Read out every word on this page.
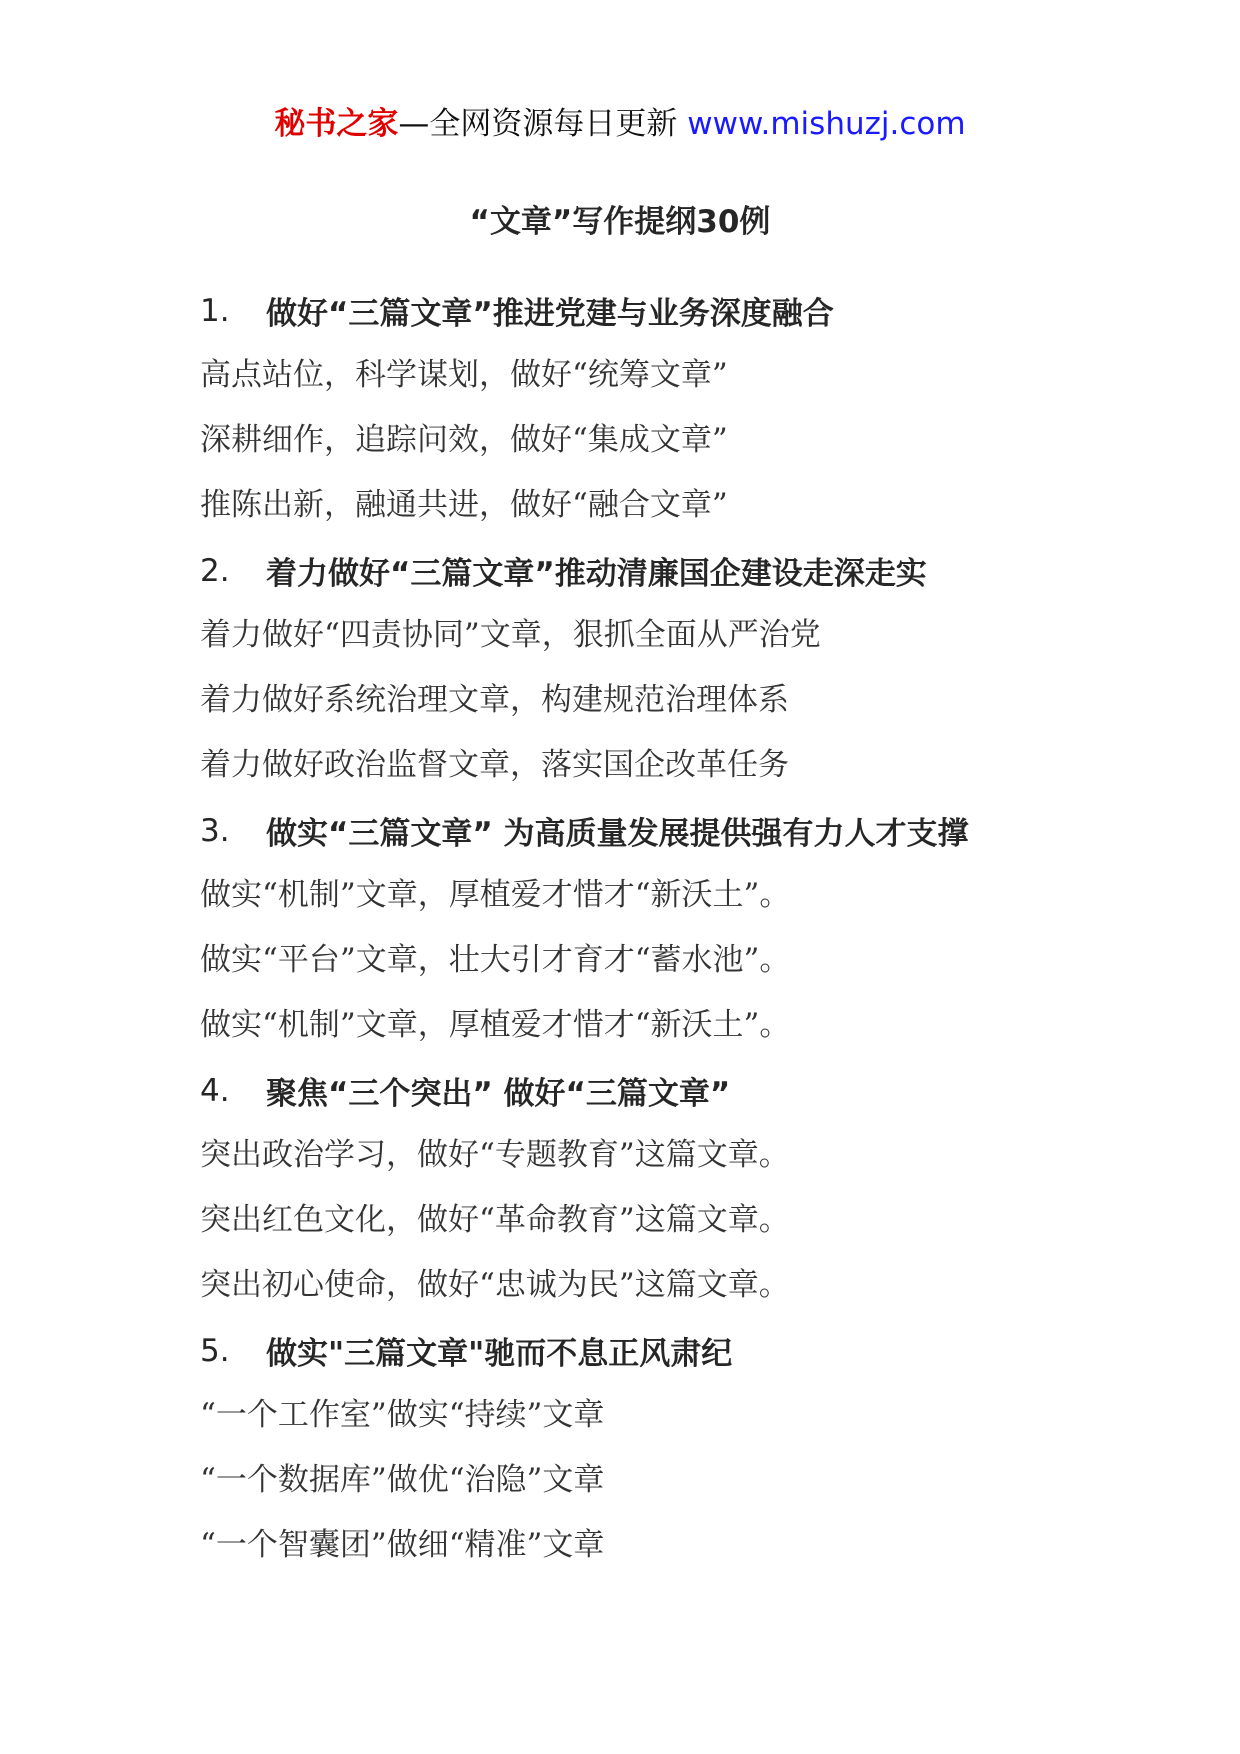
秘书之家—全网资源每日更新 www.mishuzj.com
“文章”写作提纲30例
1.	做好“三篇文章”推进党建与业务深度融合
高点站位，科学谋划，做好“统筹文章”
深耕细作，追踪问效，做好“集成文章”
推陈出新，融通共进，做好“融合文章”
2.	着力做好“三篇文章”推动清廉国企建设走深走实
着力做好“四责协同”文章，狠抓全面从严治党
着力做好系统治理文章，构建规范治理体系
着力做好政治监督文章，落实国企改革任务
3.	做实“三篇文章” 为高质量发展提供强有力人才支撑
做实“机制”文章，厚植爱才惜才“新沃土”。
做实“平台”文章，壮大引才育才“蓄水池”。
做实“机制”文章，厚植爱才惜才“新沃土”。
4.	聚焦“三个突出” 做好“三篇文章”
突出政治学习，做好“专题教育”这篇文章。
突出红色文化，做好“革命教育”这篇文章。
突出初心使命，做好“忠诚为民”这篇文章。
5.	做实"三篇文章"驰而不息正风肃纪
“一个工作室”做实“持续”文章
“一个数据库”做优“治隐”文章
“一个智囊团”做细“精准”文章
